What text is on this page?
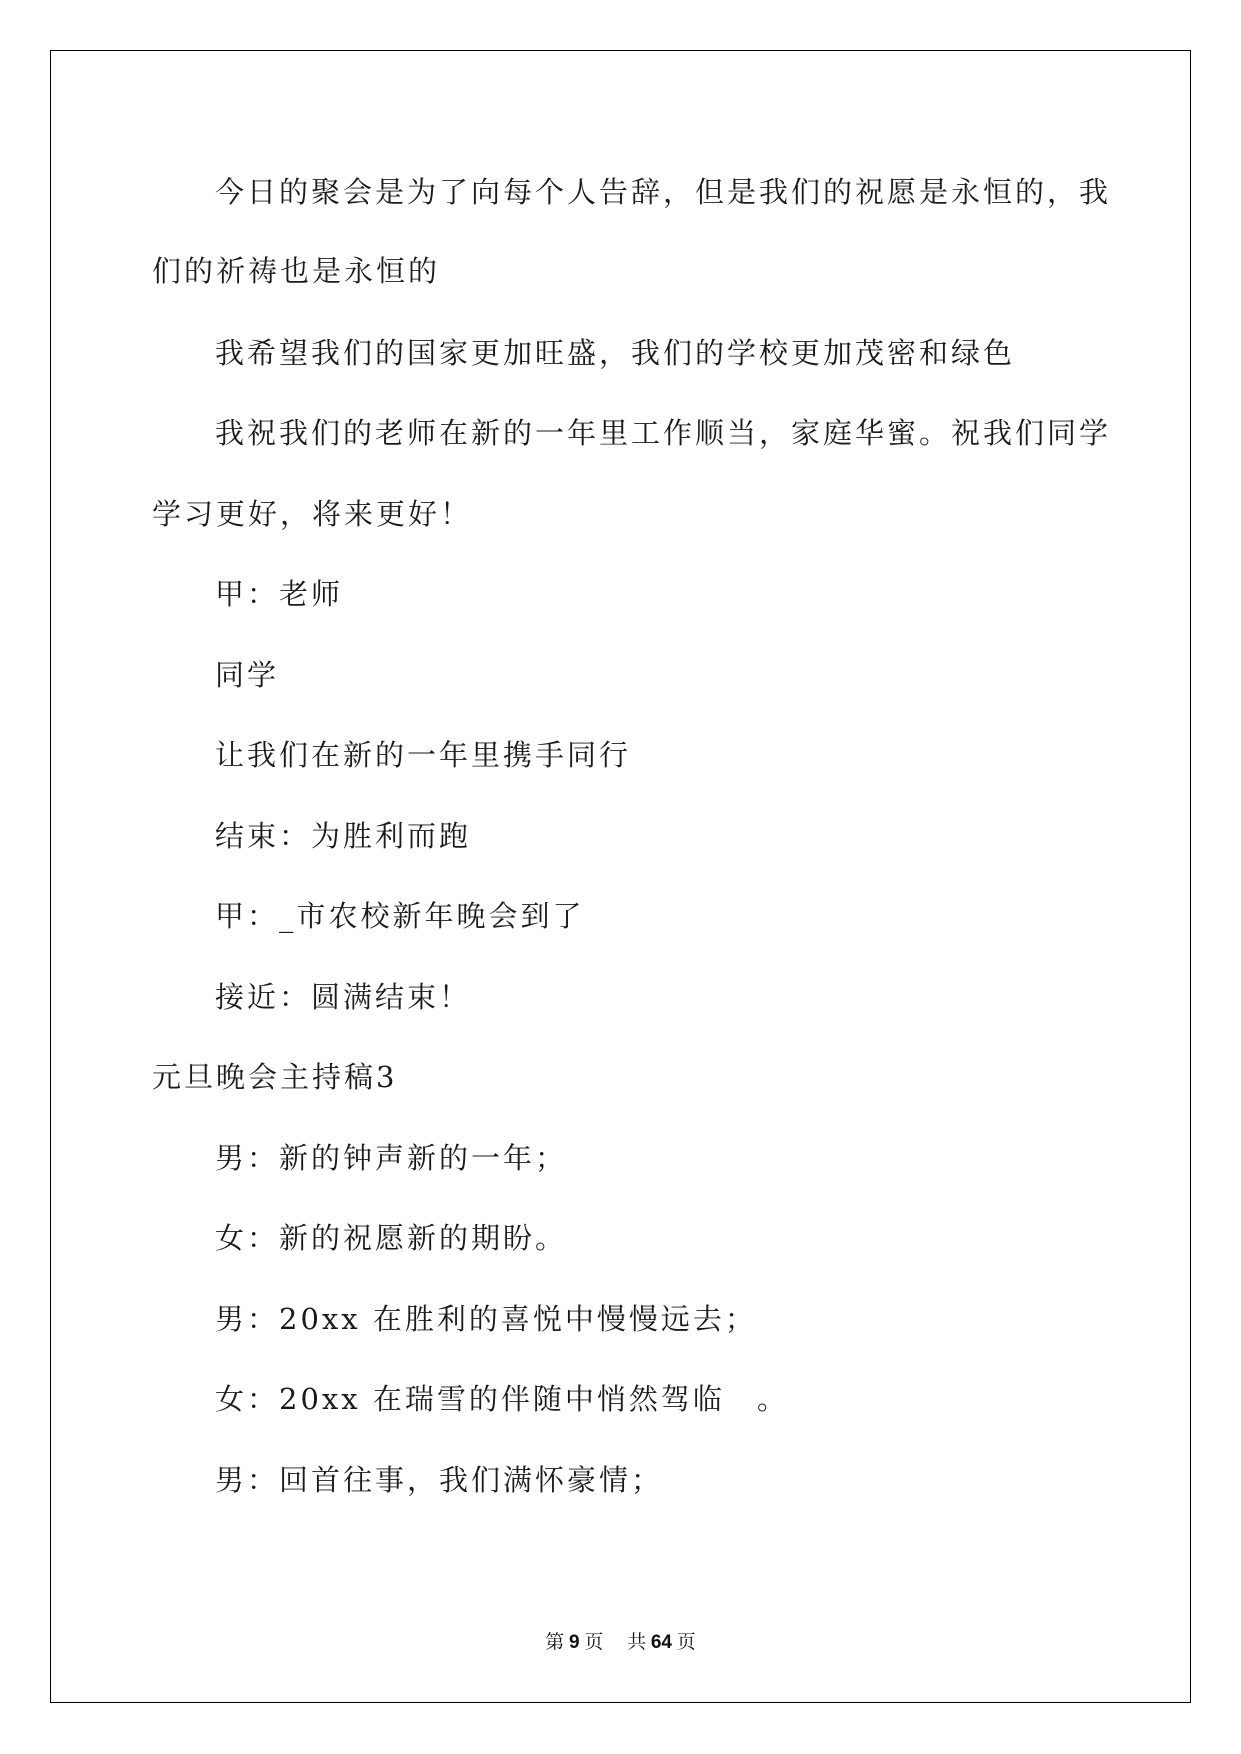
今日的聚会是为了向每个人告辞，但是我们的祝愿是永恒的，我
们的祈祷也是永恒的
我希望我们的国家更加旺盛，我们的学校更加茂密和绿色
我祝我们的老师在新的一年里工作顺当，家庭华蜜。祝我们同学
学习更好，将来更好！
甲：老师
同学
让我们在新的一年里携手同行
结束：为胜利而跑
甲：_市农校新年晚会到了
接近：圆满结束！
元旦晚会主持稿3
男：新的钟声新的一年；
女：新的祝愿新的期盼。
男：20xx 在胜利的喜悦中慢慢远去；
女：20xx 在瑞雪的伴随中悄然驾临　。
男：回首往事，我们满怀豪情；
第 9 页 共 64 页
